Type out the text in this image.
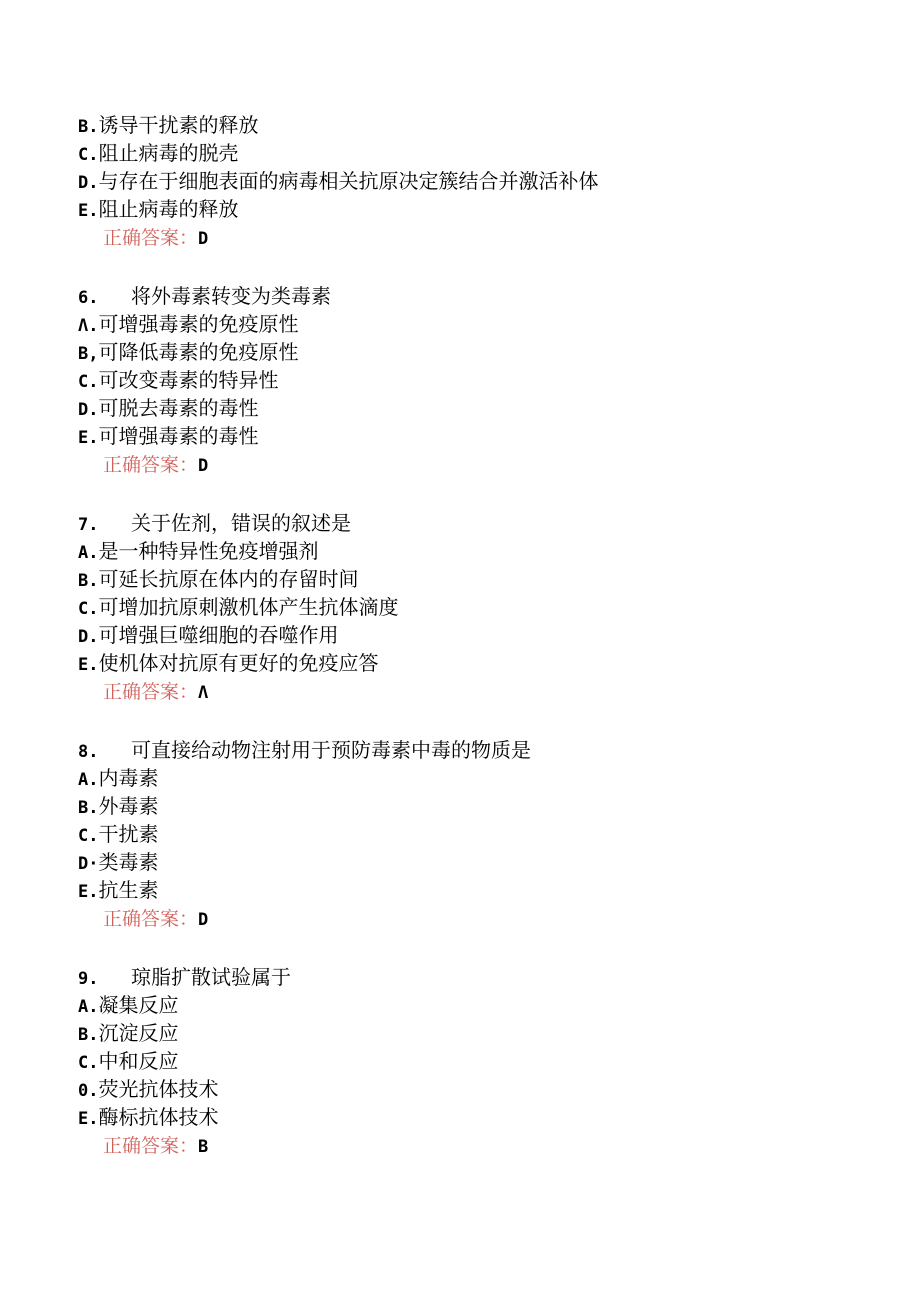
B.诱导干扰素的释放
C.阻止病毒的脱壳
D.与存在于细胞表面的病毒相关抗原决定簇结合并激活补体
E.阻止病毒的释放
正确答案：D
6. 将外毒素转变为类毒素
Λ.可增强毒素的免疫原性
B,可降低毒素的免疫原性
C.可改变毒素的特异性
D.可脱去毒素的毒性
E.可增强毒素的毒性
正确答案：D
7. 关于佐剂，错误的叙述是
A.是一种特异性免疫增强剂
B.可延长抗原在体内的存留时间
C.可增加抗原刺激机体产生抗体滴度
D.可增强巨噬细胞的吞噬作用
E.使机体对抗原有更好的免疫应答
正确答案：Λ
8. 可直接给动物注射用于预防毒素中毒的物质是
A.内毒素
B.外毒素
C.干扰素
D·类毒素
E.抗生素
正确答案：D
9. 琼脂扩散试验属于
A.凝集反应
B.沉淀反应
C.中和反应
0.荧光抗体技术
E.酶标抗体技术
正确答案：B
